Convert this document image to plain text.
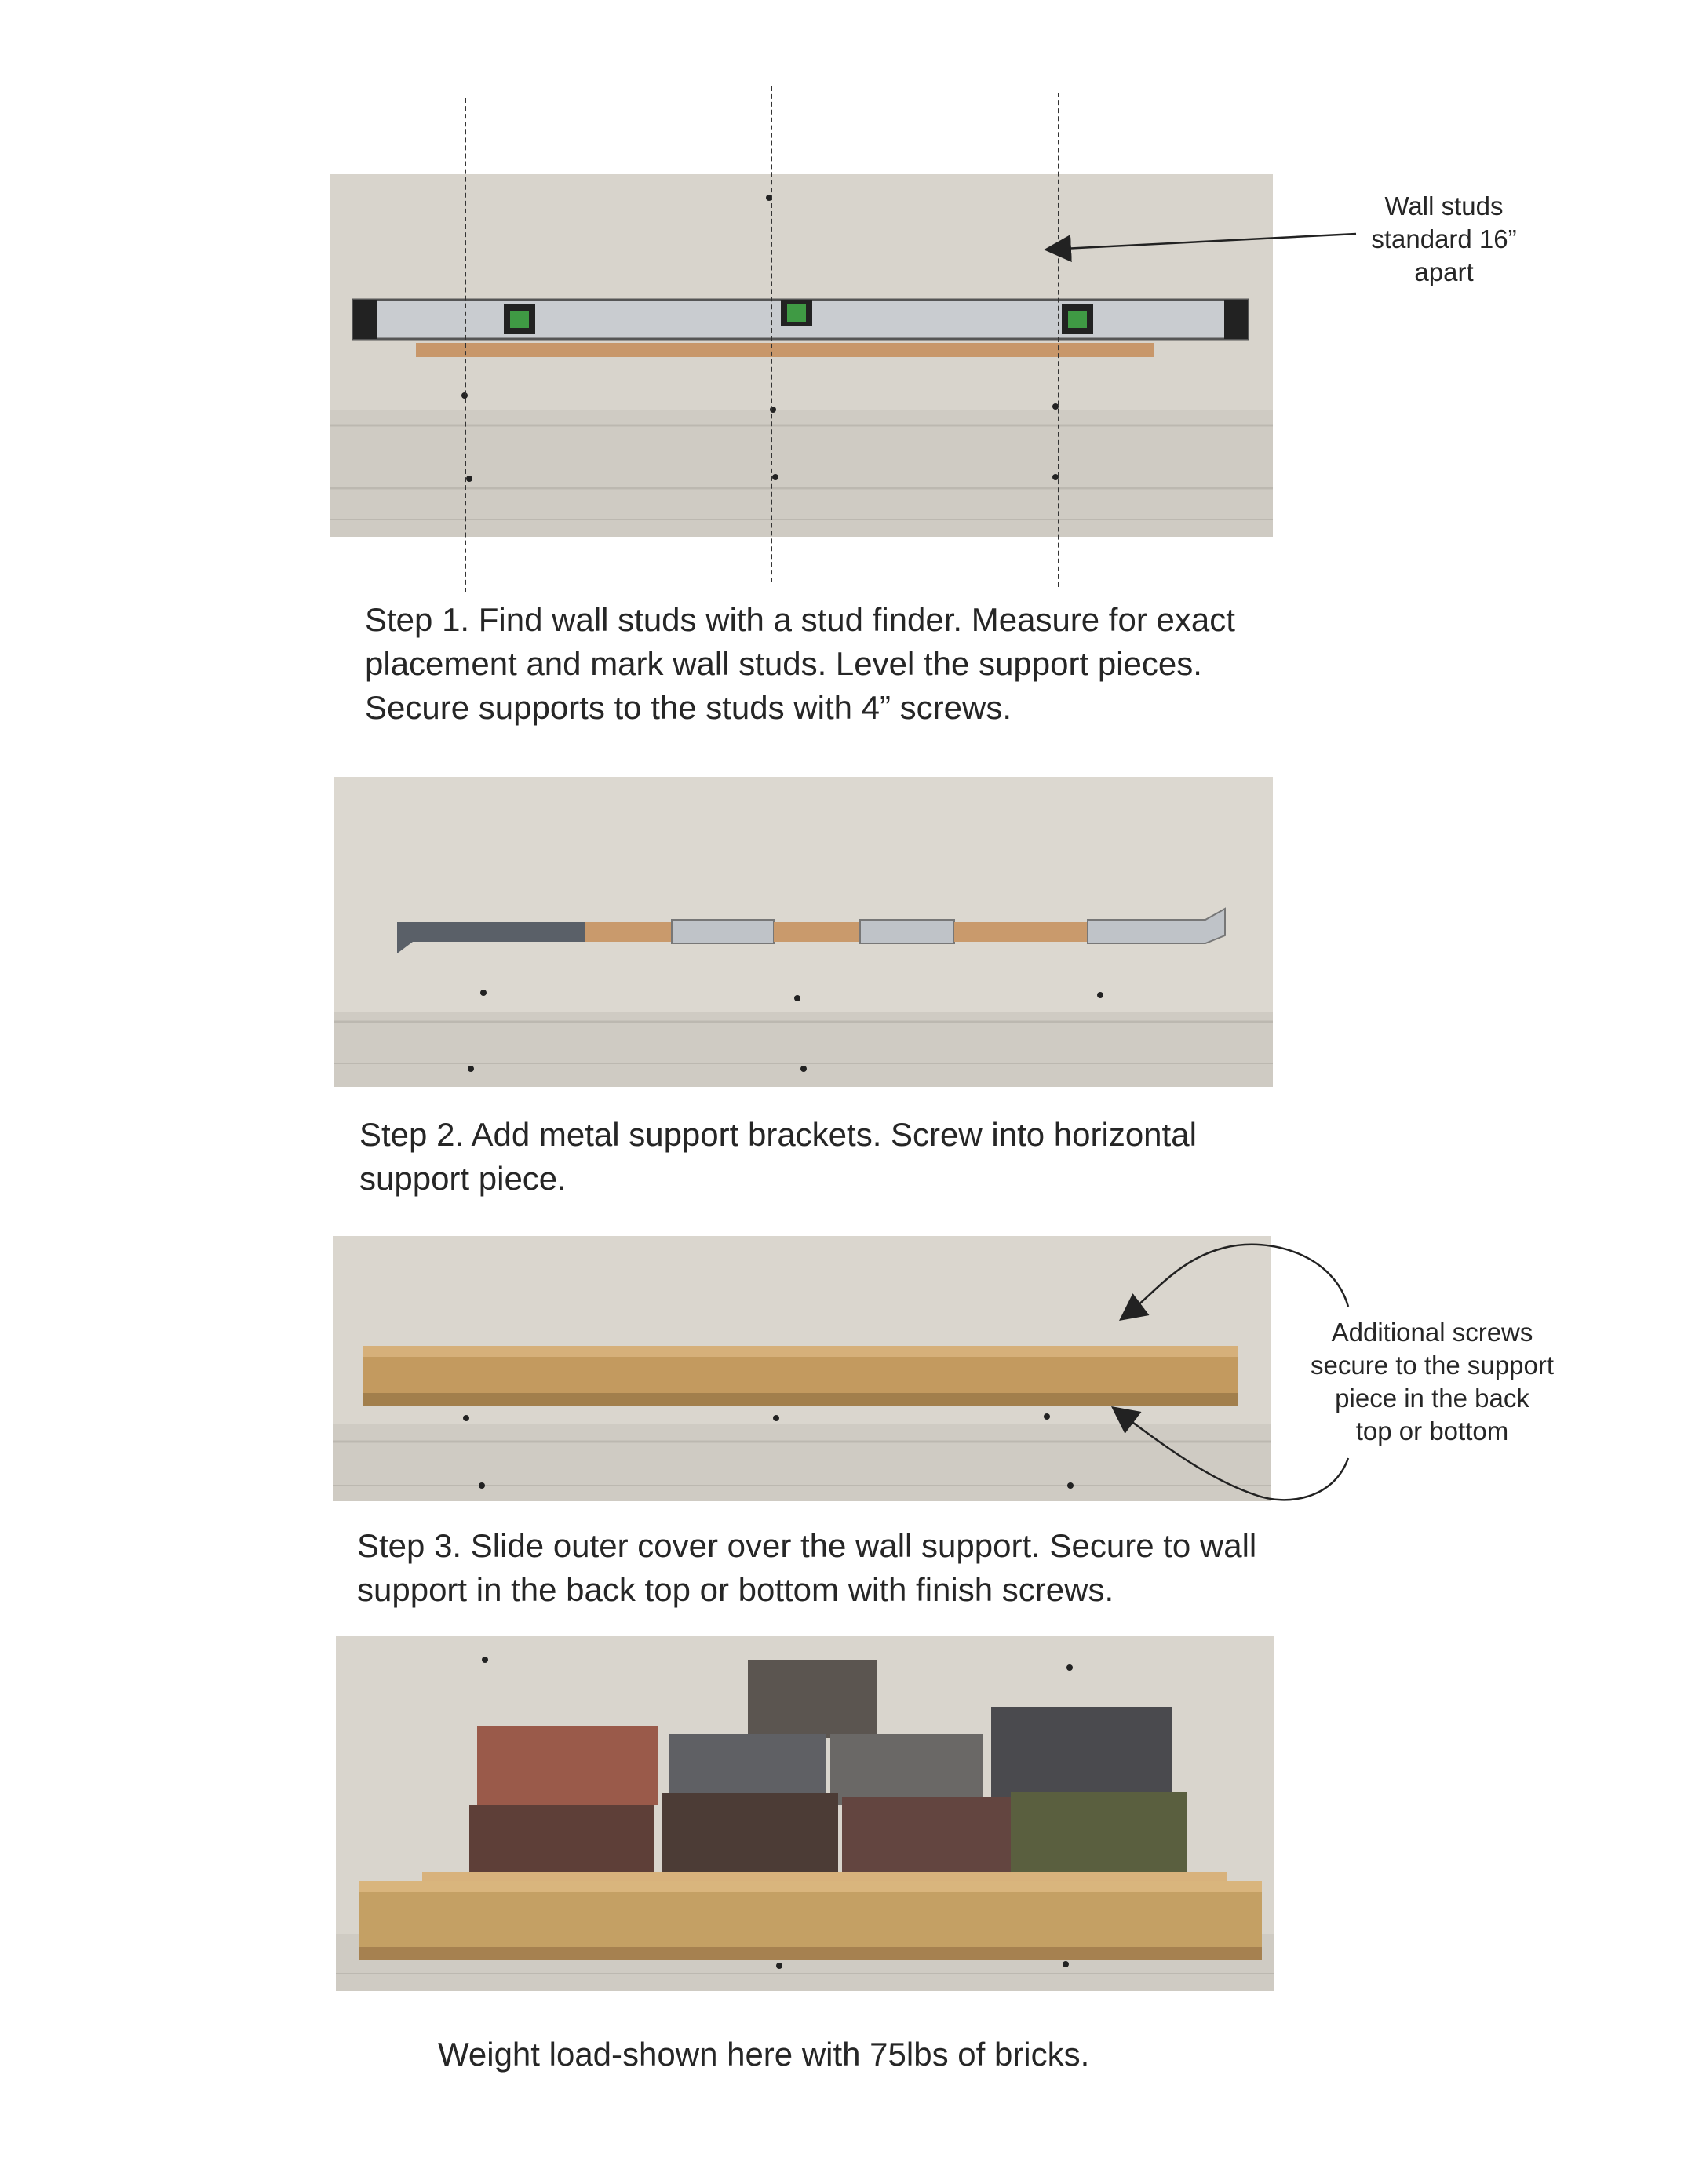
Wall studs
standard 16”
apart
Step 1. Find wall studs with a stud finder. Measure for exact placement and mark wall studs. Level the support pieces. Secure supports to the studs with 4” screws.
Step 2. Add metal support brackets. Screw into horizontal support piece.
Additional screws
secure to the support
piece in the back
top or bottom
Step 3. Slide outer cover over the wall support. Secure to wall support in the back top or bottom with finish screws.
Weight load-shown here with 75lbs of bricks.
